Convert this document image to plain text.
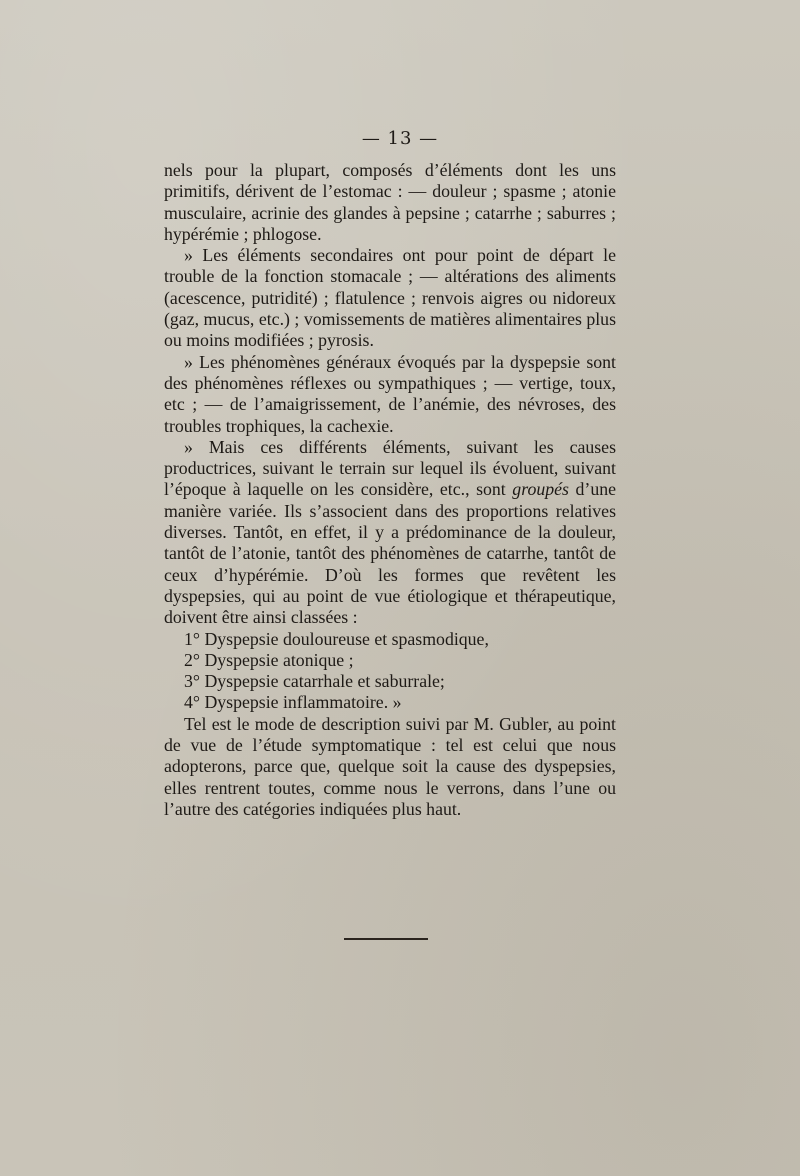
— 13 —

nels pour la plupart, composés d’éléments dont les uns primitifs, dérivent de l’estomac : — douleur ; spasme ; atonie musculaire, acrinie des glandes à pepsine ; catarrhe ; saburres ; hypérémie ; phlogose.

» Les éléments secondaires ont pour point de départ le trouble de la fonction stomacale ; — altérations des aliments (acescence, putridité) ; flatulence ; renvois aigres ou nidoreux (gaz, mucus, etc.) ; vomissements de matières alimentaires plus ou moins modifiées ; pyrosis.

» Les phénomènes généraux évoqués par la dyspepsie sont des phénomènes réflexes ou sympathiques ; — vertige, toux, etc ; — de l’amaigrissement, de l’anémie, des névroses, des troubles trophiques, la cachexie.

» Mais ces différents éléments, suivant les causes productrices, suivant le terrain sur lequel ils évoluent, suivant l’époque à laquelle on les considère, etc., sont groupés d’une manière variée. Ils s’associent dans des proportions relatives diverses. Tantôt, en effet, il y a prédominance de la douleur, tantôt de l’atonie, tantôt des phénomènes de catarrhe, tantôt de ceux d’hypérémie. D’où les formes que revêtent les dyspepsies, qui au point de vue étiologique et thérapeutique, doivent être ainsi classées :

1° Dyspepsie douloureuse et spasmodique,

2° Dyspepsie atonique ;

3° Dyspepsie catarrhale et saburrale;

4° Dyspepsie inflammatoire. »

Tel est le mode de description suivi par M. Gubler, au point de vue de l’étude symptomatique : tel est celui que nous adopterons, parce que, quelque soit la cause des dyspepsies, elles rentrent toutes, comme nous le verrons, dans l’une ou l’autre des catégories indiquées plus haut.
